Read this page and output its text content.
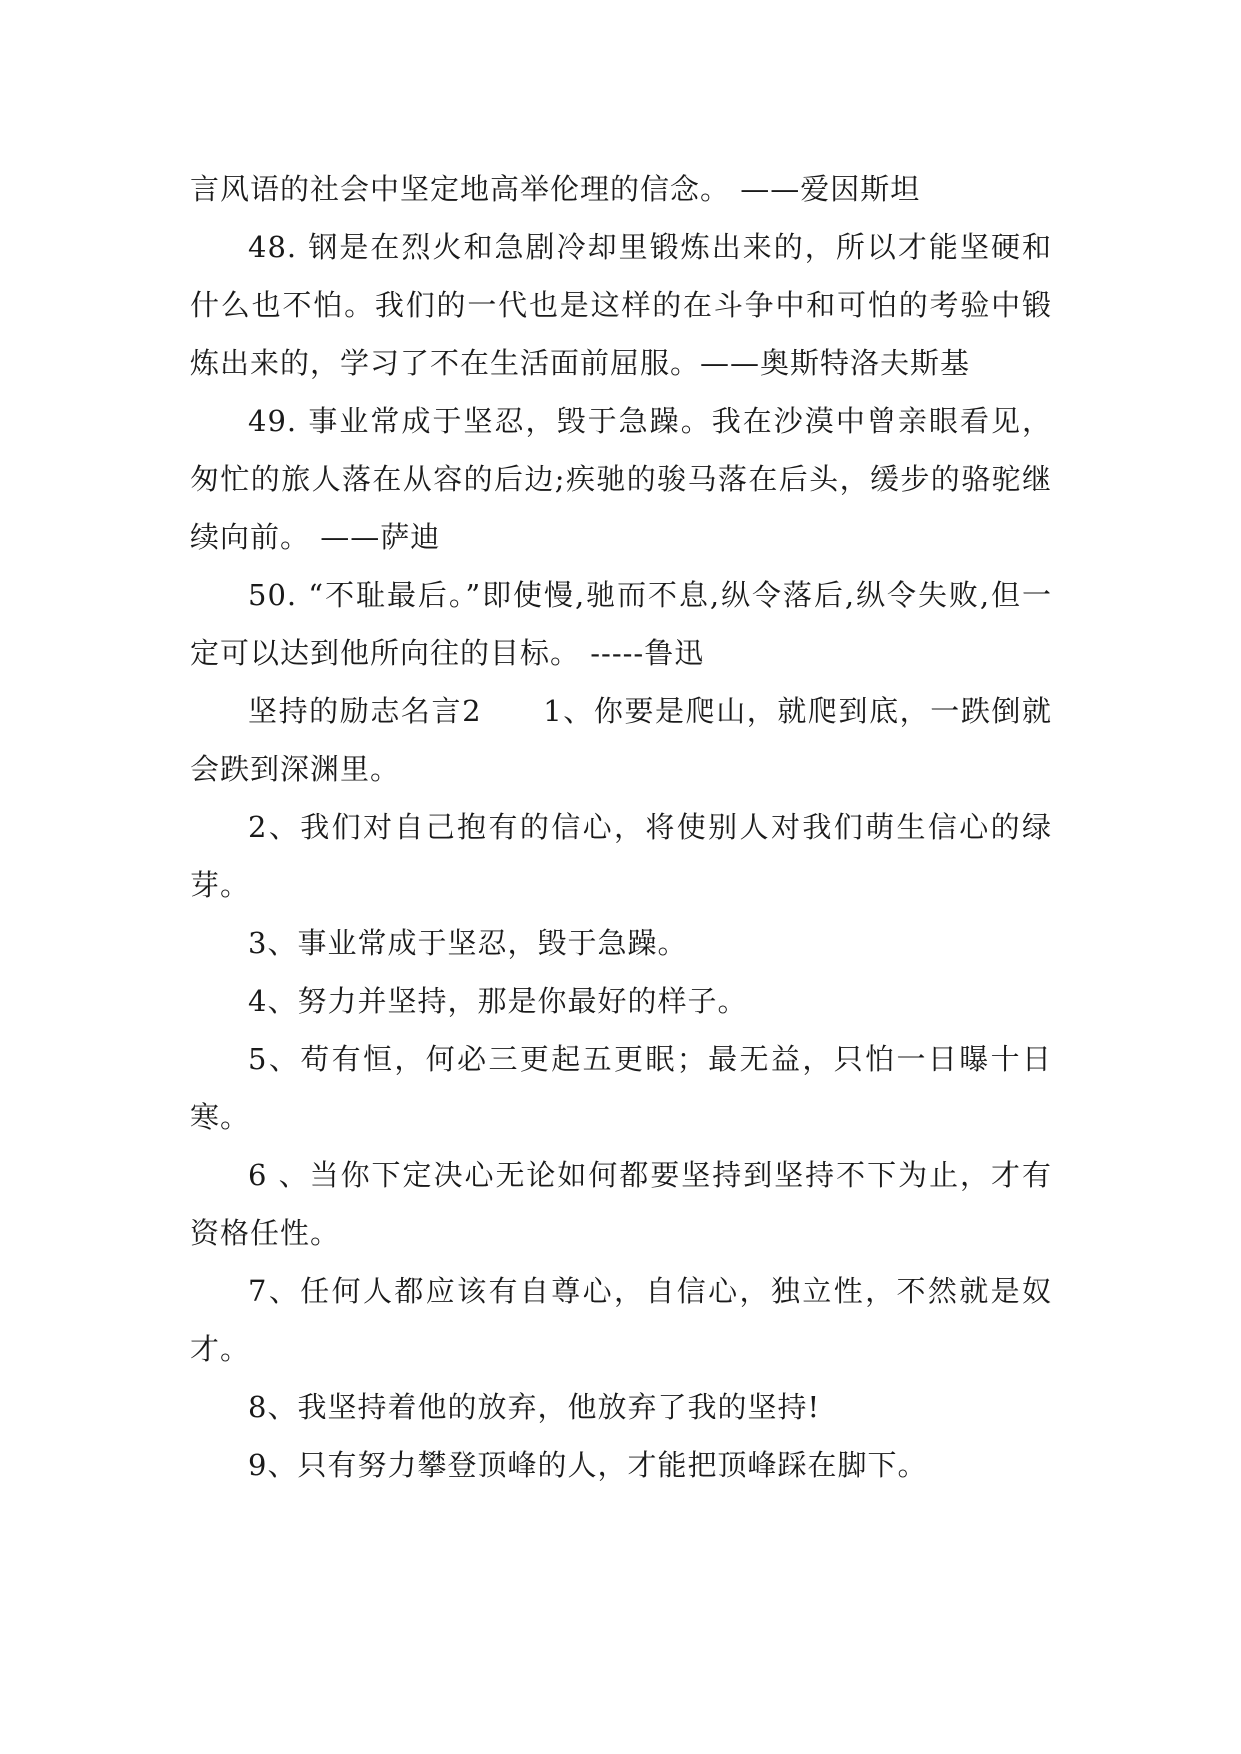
言风语的社会中坚定地高举伦理的信念。 ——爱因斯坦

48. 钢是在烈火和急剧冷却里锻炼出来的，所以才能坚硬和什么也不怕。我们的一代也是这样的在斗争中和可怕的考验中锻炼出来的，学习了不在生活面前屈服。——奥斯特洛夫斯基

49. 事业常成于坚忍，毁于急躁。我在沙漠中曾亲眼看见，匆忙的旅人落在从容的后边;疾驰的骏马落在后头，缓步的骆驼继续向前。 ——萨迪

50. “不耻最后。”即使慢,驰而不息,纵令落后,纵令失败,但一定可以达到他所向往的目标。 -----鲁迅

坚持的励志名言2　　1、你要是爬山，就爬到底，一跌倒就会跌到深渊里。

2、我们对自己抱有的信心，将使别人对我们萌生信心的绿芽。

3、事业常成于坚忍，毁于急躁。

4、努力并坚持，那是你最好的样子。

5、苟有恒，何必三更起五更眠；最无益，只怕一日曝十日寒。

6 、当你下定决心无论如何都要坚持到坚持不下为止，才有资格任性。

7、任何人都应该有自尊心，自信心，独立性，不然就是奴才。

8、我坚持着他的放弃，他放弃了我的坚持!

9、只有努力攀登顶峰的人，才能把顶峰踩在脚下。
